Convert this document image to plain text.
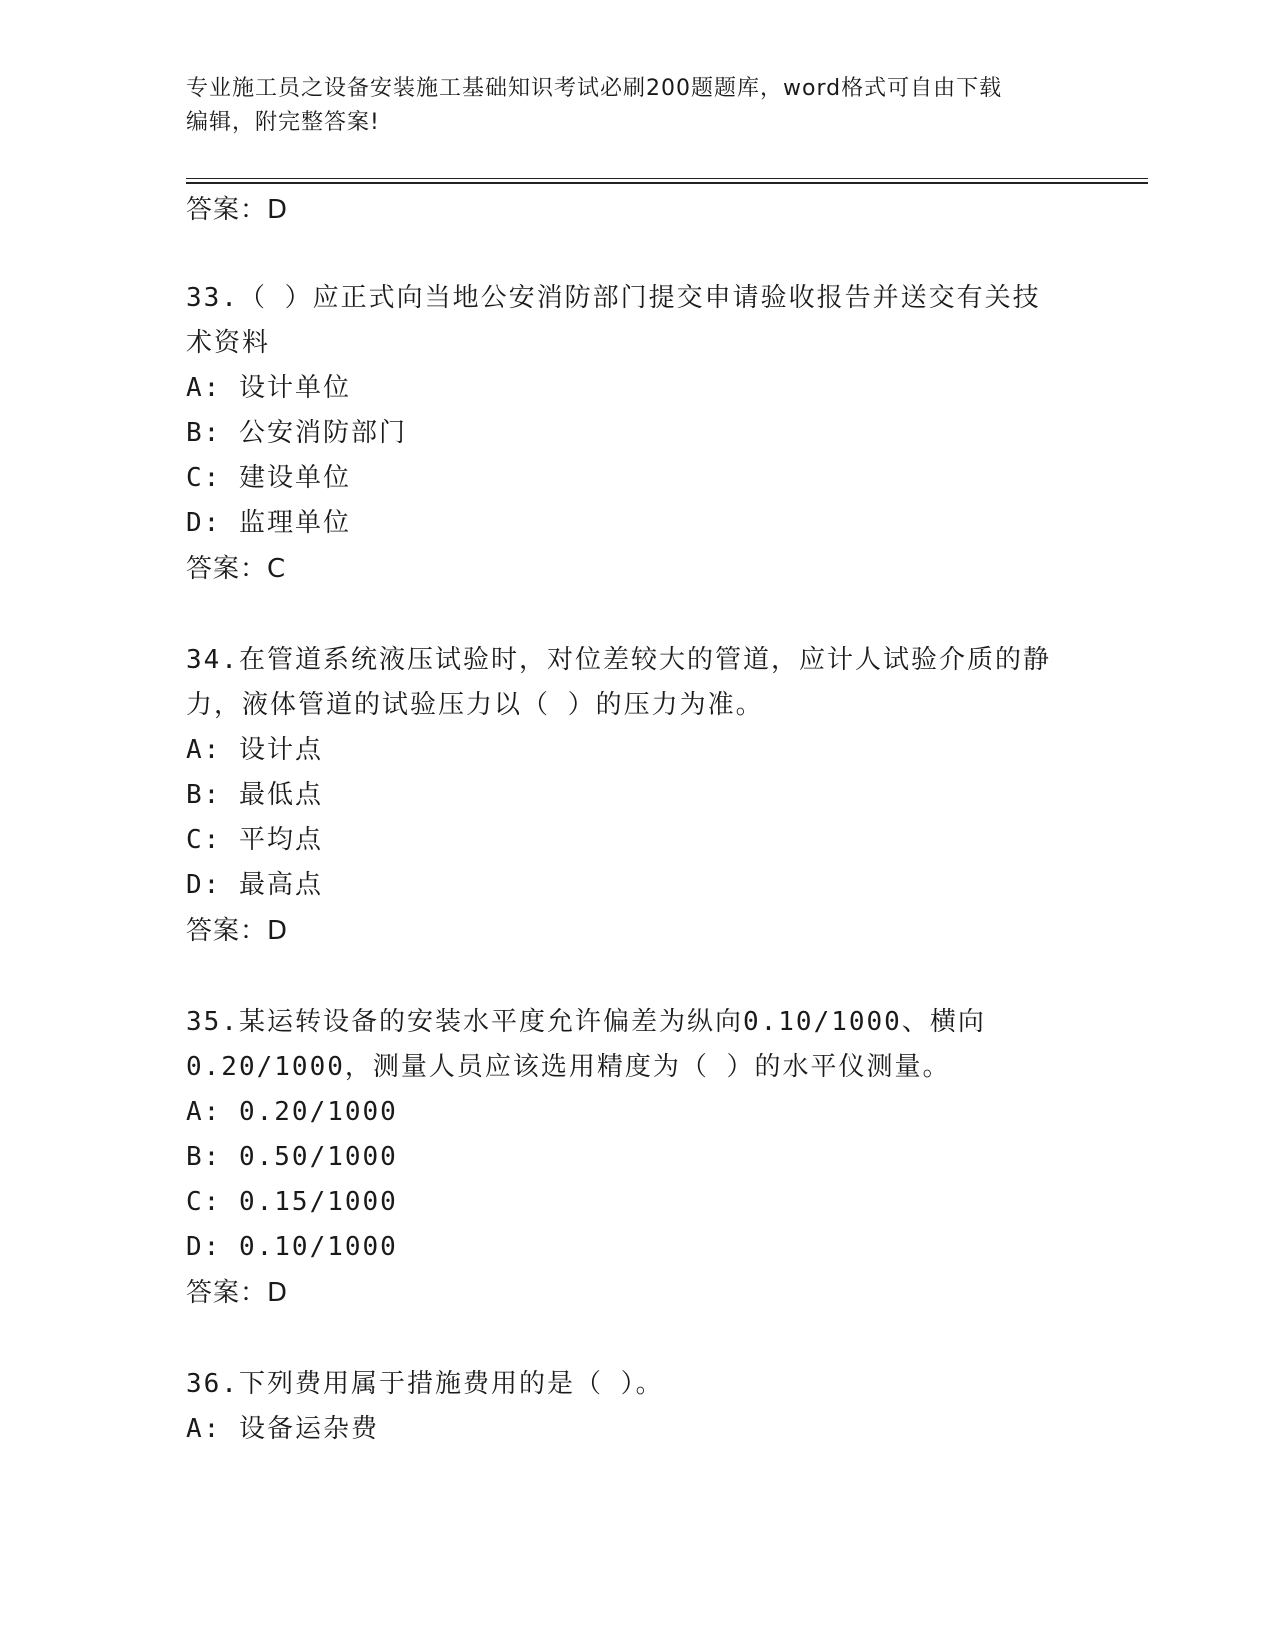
专业施工员之设备安装施工基础知识考试必刷200题题库，word格式可自由下载
编辑，附完整答案!
答案：D
33.（ ）应正式向当地公安消防部门提交申请验收报告并送交有关技
术资料
A: 设计单位
B: 公安消防部门
C: 建设单位
D: 监理单位
答案：C
34.在管道系统液压试验时，对位差较大的管道，应计人试验介质的静
力，液体管道的试验压力以（ ）的压力为准。
A: 设计点
B: 最低点
C: 平均点
D: 最高点
答案：D
35.某运转设备的安装水平度允许偏差为纵向0.10/1000、横向
0.20/1000，测量人员应该选用精度为（ ）的水平仪测量。
A: 0.20/1000
B: 0.50/1000
C: 0.15/1000
D: 0.10/1000
答案：D
36.下列费用属于措施费用的是（ ）。
A: 设备运杂费
